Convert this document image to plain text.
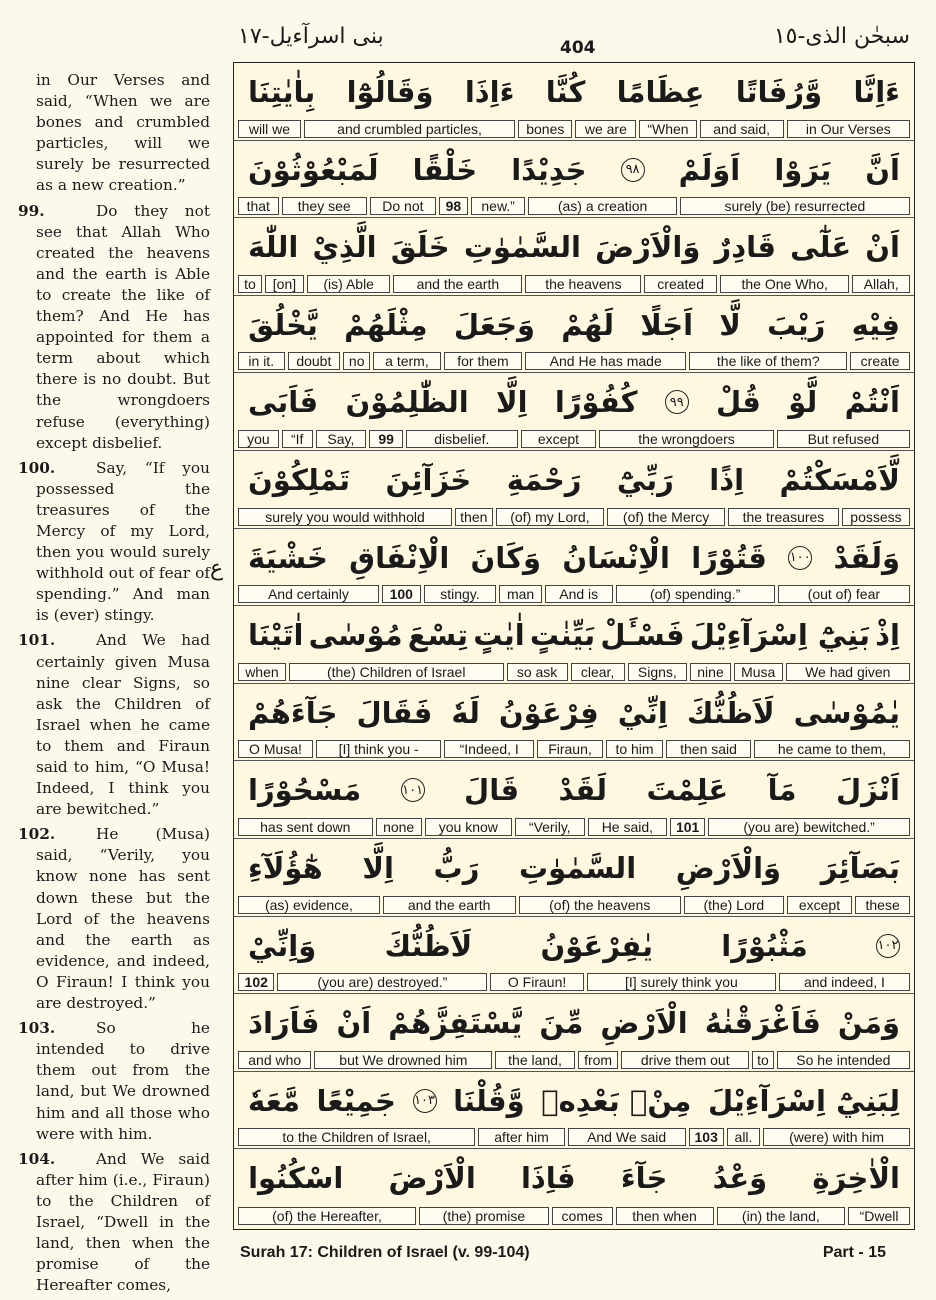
بنی اسرآءیل-١٧	404	سبحٰن الذی-١٥
in Our Verses and said, “When we are bones and crumbled particles, will we surely be resurrected as a new creation.”
99.	Do they not see that Allah Who created the heavens and the earth is Able to create the like of them? And He has appointed for them a term about which there is no doubt. But the wrongdoers refuse (everything) except disbelief.
100.	Say, “If you possessed the treasures of the Mercy of my Lord, then you would surely withhold out of fear of spending.” And man is (ever) stingy.
101.	And We had certainly given Musa nine clear Signs, so ask the Children of Israel when he came to them and Firaun said to him, “O Musa! Indeed, I think you are bewitched.”
102.	He (Musa) said, “Verily, you know none has sent down these but the Lord of the heavens and the earth as evidence, and indeed, O Firaun! I think you are destroyed.”
103.	So he intended to drive them out from the land, but We drowned him and all those who were with him.
104.	And We said after him (i.e., Firaun) to the Children of Israel, “Dwell in the land, then when the promise of the Hereafter comes,
ع
بِاٰيٰتِنَا وَقَالُوْٓا ءَاِذَا كُنَّا عِظَامًا وَّرُفَاتًا ءَاِنَّا
will we	and crumbled particles,	bones	we are	“When	and said,	in Our Verses
لَمَبْعُوْثُوْنَ خَلْقًا جَدِيْدًا	٩٨ اَوَلَمْ يَرَوْا اَنَّ
that	they see	Do not	98	new.”	(as) a creation	surely (be) resurrected
اللّٰهَ الَّذِيْ خَلَقَ السَّمٰوٰتِ وَالْاَرْضَ قَادِرٌ عَلٰٓى اَنْ
to	[on]	(is) Able	and the earth	the heavens	created	the One Who,	Allah,
يَّخْلُقَ مِثْلَهُمْ وَجَعَلَ لَهُمْ اَجَلًا لَّا رَيْبَ فِيْهِ
in it.	doubt	no	a term,	for them	And He has made	the like of them?	create
فَاَبَى الظّٰلِمُوْنَ اِلَّا كُفُوْرًا	٩٩ قُلْ لَّوْ اَنْتُمْ
you	“If	Say,	99	disbelief.	except	the wrongdoers	But refused
تَمْلِكُوْنَ خَزَآئِنَ رَحْمَةِ رَبِّيْٓ اِذًا لَّاَمْسَكْتُمْ
surely you would withhold	then	(of) my Lord,	(of) the Mercy	the treasures	possess
خَشْيَةَ الْاِنْفَاقِ وَكَانَ الْاِنْسَانُ قَتُوْرًا ١٠٠ وَلَقَدْ
And certainly	100	stingy.	man	And is	(of) spending.”	(out of) fear
اٰتَيْنَا مُوْسٰى تِسْعَ اٰيٰتٍ بَيِّنٰتٍ فَسْـَٔلْ بَنِيْٓ اِسْرَآءِيْلَ اِذْ
when	(the) Children of Israel	so ask	clear,	Signs,	nine	Musa	We had given
جَآءَهُمْ فَقَالَ لَهٗ فِرْعَوْنُ اِنِّيْ لَاَظُنُّكَ يٰمُوْسٰى
O Musa!	[I] think you -	“Indeed, I	Firaun,	to him	then said	he came to them,
مَسْحُوْرًا	١٠١ قَالَ لَقَدْ عَلِمْتَ مَآ اَنْزَلَ
has sent down	none	you know	“Verily,	He said,	101	(you are) bewitched.”
هٰٓؤُلَآءِ اِلَّا رَبُّ السَّمٰوٰتِ وَالْاَرْضِ بَصَآئِرَ
(as) evidence,	and the earth	(of) the heavens	(the) Lord	except	these
وَاِنِّيْ لَاَظُنُّكَ يٰفِرْعَوْنُ مَثْبُوْرًا	١٠٢
102	(you are) destroyed.”	O Firaun!	[I] surely think you	and indeed, I
فَاَرَادَ اَنْ يَّسْتَفِزَّهُمْ مِّنَ الْاَرْضِ فَاَغْرَقْنٰهُ وَمَنْ
and who	but We drowned him	the land,	from	drive them out	to	So he intended
مَّعَهٗ جَمِيْعًا ١٠٣ وَّقُلْنَا مِنْۢ بَعْدِهٖ لِبَنِيْٓ اِسْرَآءِيْلَ
to the Children of Israel,	after him	And We said	103	all.	(were) with him
اسْكُنُوا الْاَرْضَ فَاِذَا جَآءَ وَعْدُ الْاٰخِرَةِ
(of) the Hereafter,	(the) promise	comes	then when	(in) the land,	“Dwell
Surah 17: Children of Israel (v. 99-104)	Part - 15
